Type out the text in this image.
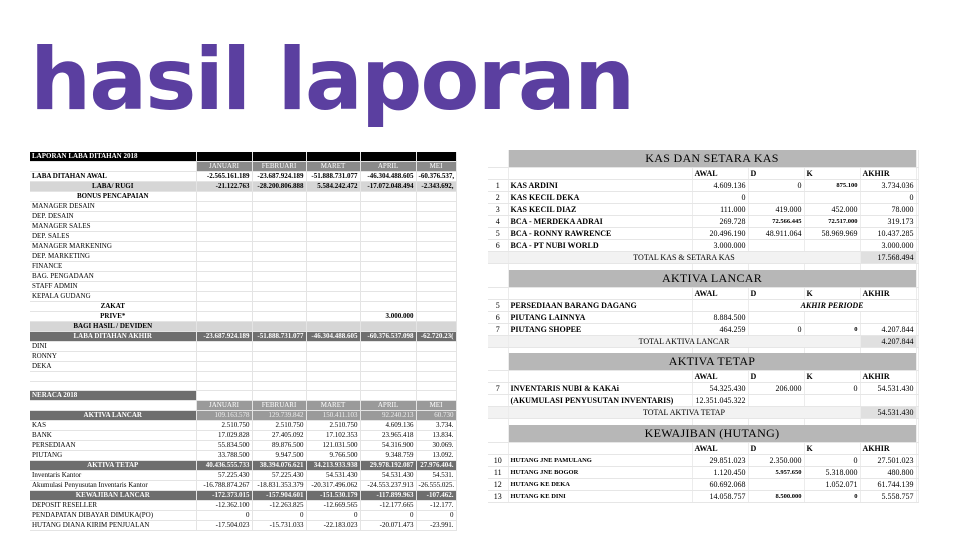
hasil laporan
LAPORAN LABA DITAHAN 2018					
	JANUARI	FEBRUARI	MARET	APRIL	MEI
LABA DITAHAN AWAL	-2.565.161.189	-23.687.924.189	-51.888.731.077	-46.304.488.605	-60.376.537,
LABA/ RUGI	-21.122.763	-28.200.806.888	5.584.242.472	-17.072.048.494	-2.343.692,
BONUS PENCAPAIAN					
MANAGER DESAIN					
DEP. DESAIN					
MANAGER SALES					
DEP. SALES					
MANAGER MARKENING					
DEP. MARKETING					
FINANCE					
BAG. PENGADAAN					
STAFF ADMIN					
KEPALA GUDANG					
ZAKAT					
PRIVE*				3.000.000	
BAGI HASIL / DEVIDEN					
LABA DITAHAN AKHIR	-23.687.924.189	-51.888.731.077	-46.304.488.605	-60.376.537.098	-62.720.23(
DINI					
RONNY					
DEKA					

NERACA 2018					
	JANUARI	FEBRUARI	MARET	APRIL	MEI
AKTIVA LANCAR	109.163.578	129.739.842	150.411.103	92.240.213	60.730
KAS	2.510.750	2.510.750	2.510.750	4.609.136	3.734.
BANK	17.029.828	27.405.092	17.102.353	23.965.418	13.834.
PERSEDIAAN	55.834.500	89.876.500	121.031.500	54.316.900	30.069.
PIUTANG	33.788.500	9.947.500	9.766.500	9.348.759	13.092.
AKTIVA TETAP	40.436.555.733	38.394.076.621	34.213.933.938	29.978.192.087	27.976.404.
Inventaris Kantor	57.225.430	57.225.430	54.531.430	54.531.430	54.531.
Akumulasi Penyusutan Inventaris Kantor	-16.788.874.267	-18.831.353.379	-20.317.496.062	-24.553.237.913	-26.555.025.
KEWAJIBAN LANCAR	-172.373.015	-157.904.601	-151.530.179	-117.899.963	-107.462.
DEPOSIT RESELLER	-12.362.100	-12.263.825	-12.669.565	-12.177.665	-12.177.
PENDAPATAN DIBAYAR DIMUKA(PO)	0	0	0	0	0
HUTANG DIANA KIRIM PENJUALAN	-17.504.023	-15.731.033	-22.183.023	-20.071.473	-23.991.
	KAS DAN SETARA KAS					
		AWAL	D	K	AKHIR	
1	KAS ARDINI	4.609.136	0	875.100	3.734.036	
2	KAS KECIL DEKA	0			0	
3	KAS KECIL DIAZ	111.000	419.000	452.000	78.000	
4	BCA - MERDEKA ADRAI	269.728	72.566.445	72.517.000	319.173	
5	BCA - RONNY RAWRENCE	20.496.190	48.911.064	58.969.969	10.437.285	
6	BCA - PT NUBI WORLD	3.000.000			3.000.000	
	TOTAL KAS & SETARA KAS				17.568.494	

	AKTIVA LANCAR					
		AWAL	D	K	AKHIR	
5	PERSEDIAAN BARANG DAGANG		AKHIR PERIODE			
6	PIUTANG LAINNYA	8.884.500				
7	PIUTANG SHOPEE	464.259	0	0	4.207.844	
	TOTAL AKTIVA LANCAR				4.207.844	

	AKTIVA TETAP					
		AWAL	D	K	AKHIR	
7	INVENTARIS NUBI & KAKAi	54.325.430	206.000	0	54.531.430	
	(AKUMULASI PENYUSUTAN INVENTARIS)	12.351.045.322				
	TOTAL AKTIVA TETAP				54.531.430	

	KEWAJIBAN (HUTANG)					
		AWAL	D	K	AKHIR	
10	HUTANG JNE PAMULANG	29.851.023	2.350.000	0	27.501.023	
11	HUTANG JNE BOGOR	1.120.450	5.957.650	5.318.000	480.800	
12	HUTANG KE DEKA	60.692.068		1.052.071	61.744.139	
13	HUTANG KE DINI	14.058.757	8.500.000	0	5.558.757	
